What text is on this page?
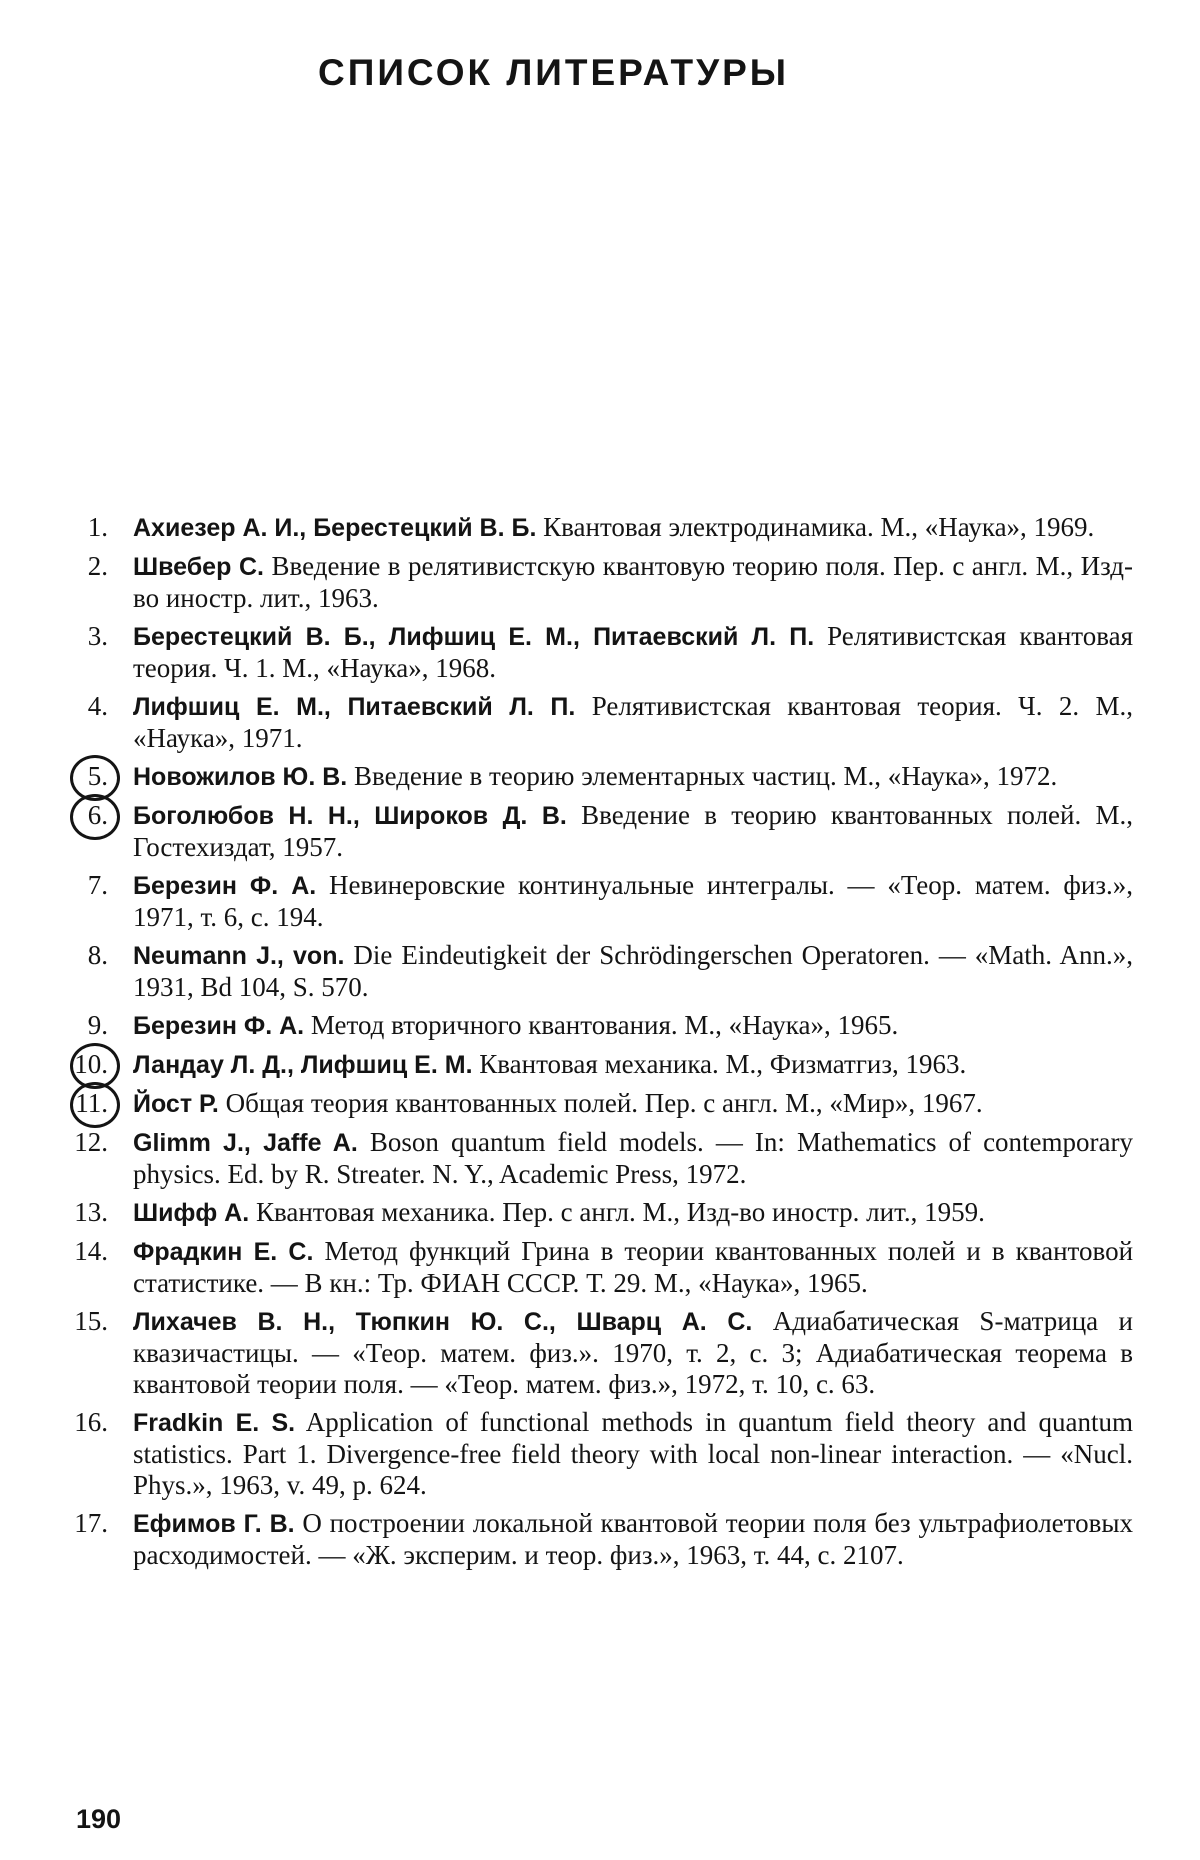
СПИСОК ЛИТЕРАТУРЫ
1. Ахиезер А. И., Берестецкий В. Б. Квантовая электродинамика. М., «Наука», 1969.
2. Швебер С. Введение в релятивистскую квантовую теорию поля. Пер. с англ. М., Изд-во иностр. лит., 1963.
3. Берестецкий В. Б., Лифшиц Е. М., Питаевский Л. П. Релятивистская квантовая теория. Ч. 1. М., «Наука», 1968.
4. Лифшиц Е. М., Питаевский Л. П. Релятивистская квантовая теория. Ч. 2. М., «Наука», 1971.
5. Новожилов Ю. В. Введение в теорию элементарных частиц. М., «Наука», 1972.
6. Боголюбов Н. Н., Широков Д. В. Введение в теорию квантованных полей. М., Гостехиздат, 1957.
7. Березин Ф. А. Невинеровские континуальные интегралы. — «Теор. матем. физ.», 1971, т. 6, с. 194.
8. Neumann J., von. Die Eindeutigkeit der Schrödingerschen Operatoren. — «Math. Ann.», 1931, Bd 104, S. 570.
9. Березин Ф. А. Метод вторичного квантования. М., «Наука», 1965.
10. Ландау Л. Д., Лифшиц Е. М. Квантовая механика. М., Физматгиз, 1963.
11. Йост Р. Общая теория квантованных полей. Пер. с англ. М., «Мир», 1967.
12. Glimm J., Jaffe A. Boson quantum field models. — In: Mathematics of contemporary physics. Ed. by R. Streater. N. Y., Academic Press, 1972.
13. Шифф А. Квантовая механика. Пер. с англ. М., Изд-во иностр. лит., 1959.
14. Фрадкин Е. С. Метод функций Грина в теории квантованных полей и в квантовой статистике. — В кн.: Тр. ФИАН СССР. Т. 29. М., «Наука», 1965.
15. Лихачев В. Н., Тюпкин Ю. С., Шварц А. С. Адиабатическая S-матрица и квазичастицы. — «Теор. матем. физ.». 1970, т. 2, с. 3; Адиабатическая теорема в квантовой теории поля. — «Теор. матем. физ.», 1972, т. 10, с. 63.
16. Fradkin E. S. Application of functional methods in quantum field theory and quantum statistics. Part 1. Divergence-free field theory with local non-linear interaction. — «Nucl. Phys.», 1963, v. 49, p. 624.
17. Ефимов Г. В. О построении локальной квантовой теории поля без ультрафиолетовых расходимостей. — «Ж. эксперим. и теор. физ.», 1963, т. 44, с. 2107.
190
